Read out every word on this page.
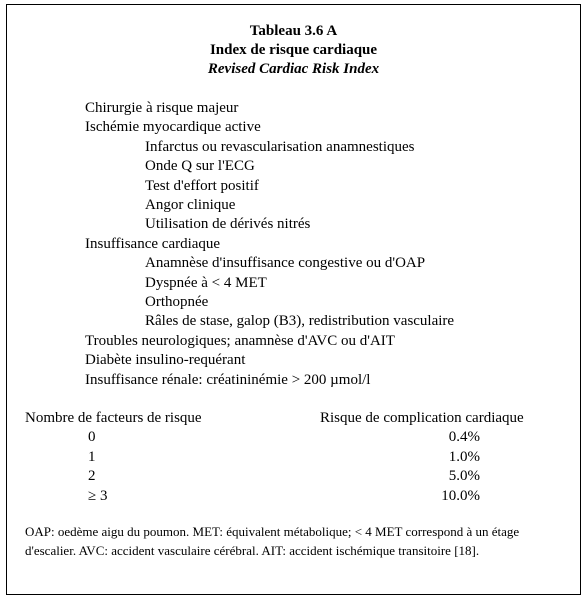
Tableau 3.6 A
Index de risque cardiaque
Revised Cardiac Risk Index
Chirurgie à risque majeur
Ischémie myocardique active
Infarctus ou revascularisation anamnestiques
Onde Q sur l'ECG
Test d'effort positif
Angor clinique
Utilisation de dérivés nitrés
Insuffisance cardiaque
Anamnèse d'insuffisance congestive ou d'OAP
Dyspnée à < 4 MET
Orthopnée
Râles de stase, galop (B3), redistribution vasculaire
Troubles neurologiques; anamnèse d'AVC ou d'AIT
Diabète insulino-requérant
Insuffisance rénale: créatininémie > 200 µmol/l
Nombre de facteurs de risque	Risque de complication cardiaque
0	0.4%
1	1.0%
2	5.0%
≥ 3	10.0%
OAP: oedème aigu du poumon. MET: équivalent métabolique; < 4 MET correspond à un étage d'escalier. AVC: accident vasculaire cérébral. AIT: accident ischémique transitoire [18].
